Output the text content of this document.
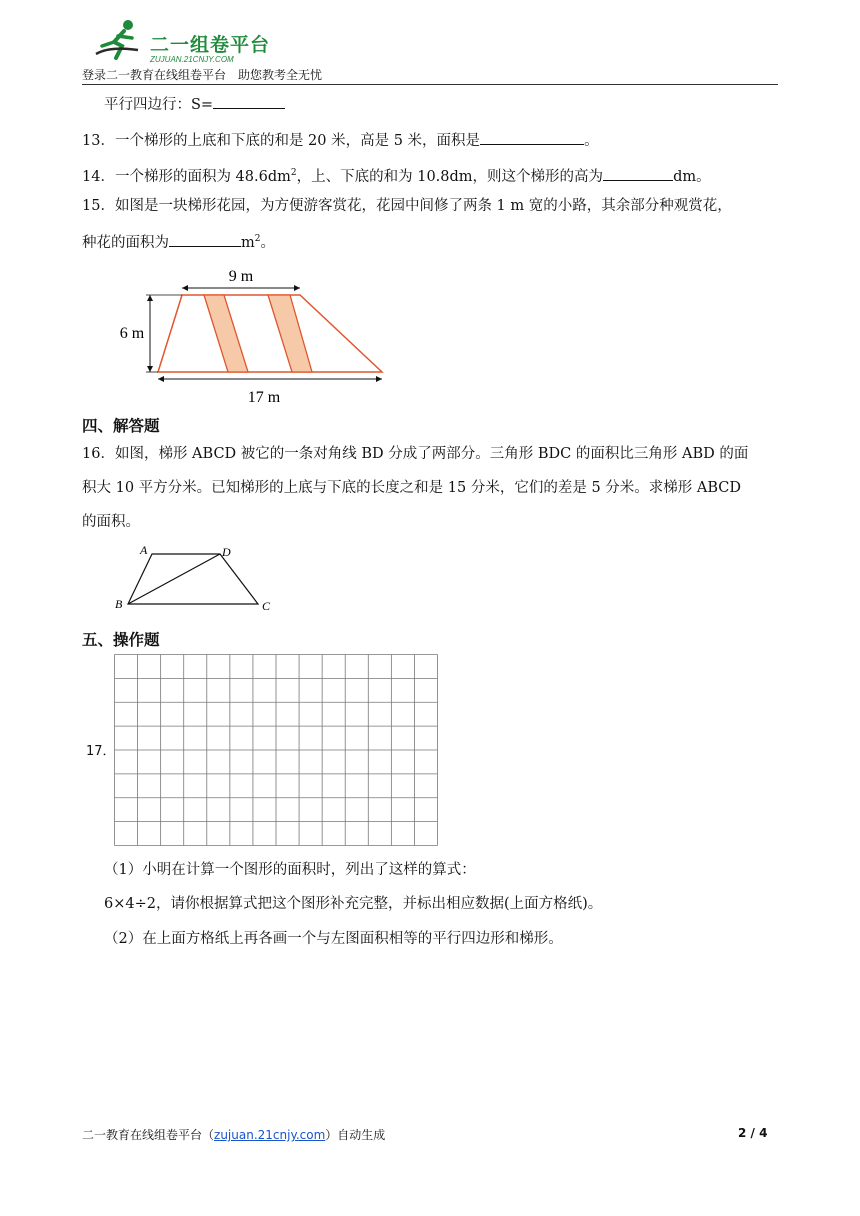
二一组卷平台
ZUJUAN.21CNJY.COM
登录二一教育在线组卷平台　助您教考全无忧
平行四边行：S=
13．一个梯形的上底和下底的和是 20 米，高是 5 米，面积是	。
14．一个梯形的面积为 $48.6dm^2$，上、下底的和为 10.8dm，则这个梯形的高为	dm。
15．如图是一块梯形花园，为方便游客赏花，花园中间修了两条 1 m 宽的小路，其余部分种观赏花，
种花的面积为	$m^2$。
9 m
6 m
17 m
四、解答题
16．如图，梯形 ABCD 被它的一条对角线 BD 分成了两部分。三角形 BDC 的面积比三角形 ABD 的面
积大 10 平方分米。已知梯形的上底与下底的长度之和是 15 分米，它们的差是 5 分米。求梯形 ABCD
的面积。
A	D
B	C
五、操作题
17．
（1）小明在计算一个图形的面积时，列出了这样的算式：
6×4÷2，请你根据算式把这个图形补充完整，并标出相应数据(上面方格纸)。
（2）在上面方格纸上再各画一个与左图面积相等的平行四边形和梯形。
二一教育在线组卷平台（zujuan.21cnjy.com）自动生成	2 / 4
